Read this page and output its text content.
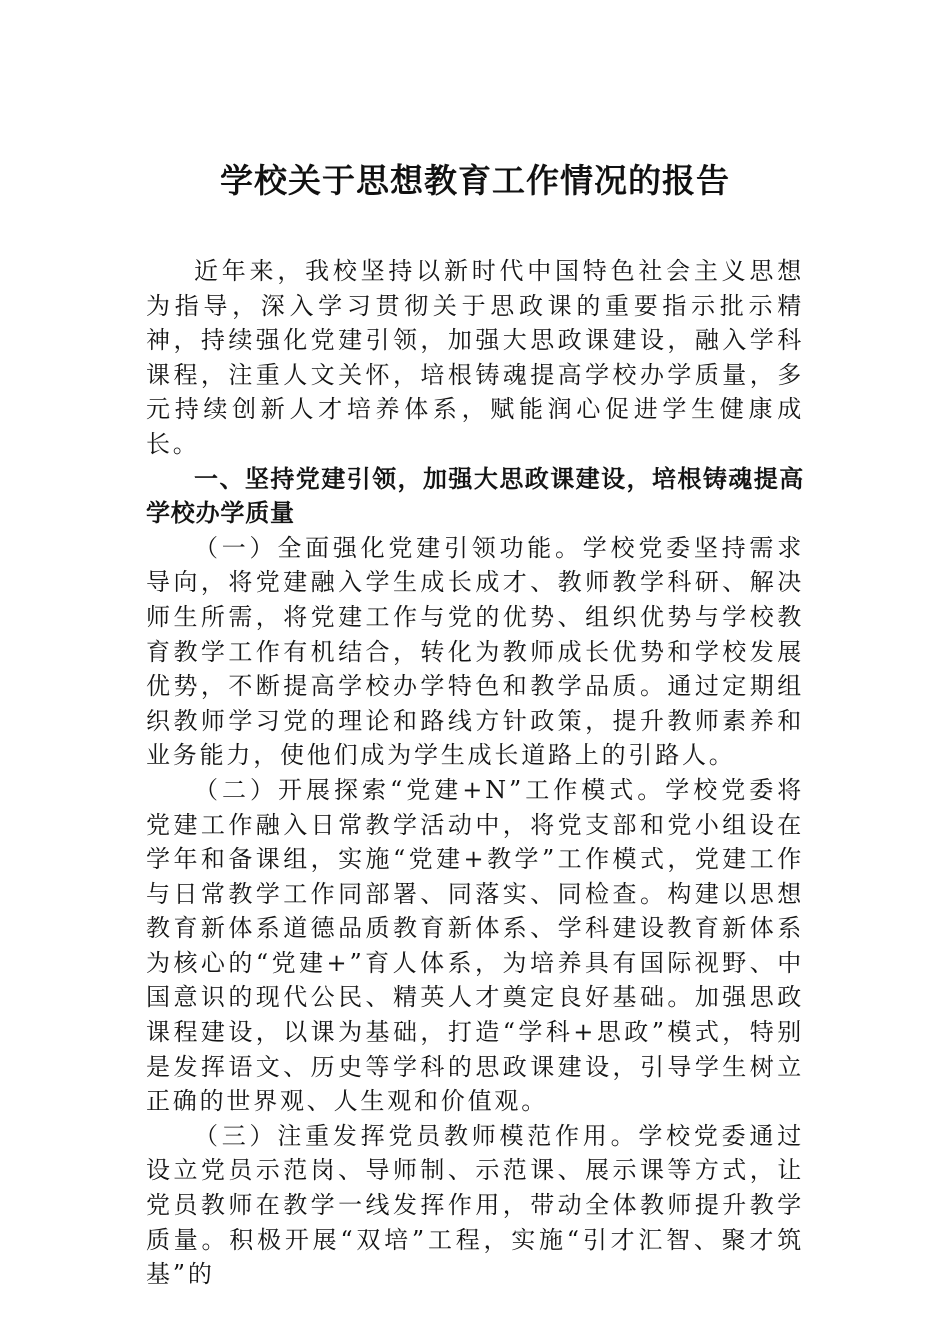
学校关于思想教育工作情况的报告

近年来，我校坚持以新时代中国特色社会主义思想为指导，深入学习贯彻关于思政课的重要指示批示精神，持续强化党建引领，加强大思政课建设，融入学科课程，注重人文关怀，培根铸魂提高学校办学质量，多元持续创新人才培养体系，赋能润心促进学生健康成长。

一、坚持党建引领，加强大思政课建设，培根铸魂提高学校办学质量

（一）全面强化党建引领功能。学校党委坚持需求导向，将党建融入学生成长成才、教师教学科研、解决师生所需，将党建工作与党的优势、组织优势与学校教育教学工作有机结合，转化为教师成长优势和学校发展优势，不断提高学校办学特色和教学品质。通过定期组织教师学习党的理论和路线方针政策，提升教师素养和业务能力，使他们成为学生成长道路上的引路人。

（二）开展探索“党建+N”工作模式。学校党委将党建工作融入日常教学活动中，将党支部和党小组设在学年和备课组，实施“党建+教学”工作模式，党建工作与日常教学工作同部署、同落实、同检查。构建以思想教育新体系道德品质教育新体系、学科建设教育新体系为核心的“党建+”育人体系，为培养具有国际视野、中国意识的现代公民、精英人才奠定良好基础。加强思政课程建设，以课为基础，打造“学科+思政”模式，特别是发挥语文、历史等学科的思政课建设，引导学生树立正确的世界观、人生观和价值观。

（三）注重发挥党员教师模范作用。学校党委通过设立党员示范岗、导师制、示范课、展示课等方式，让党员教师在教学一线发挥作用，带动全体教师提升教学质量。积极开展“双培”工程，实施“引才汇智、聚才筑基”的
